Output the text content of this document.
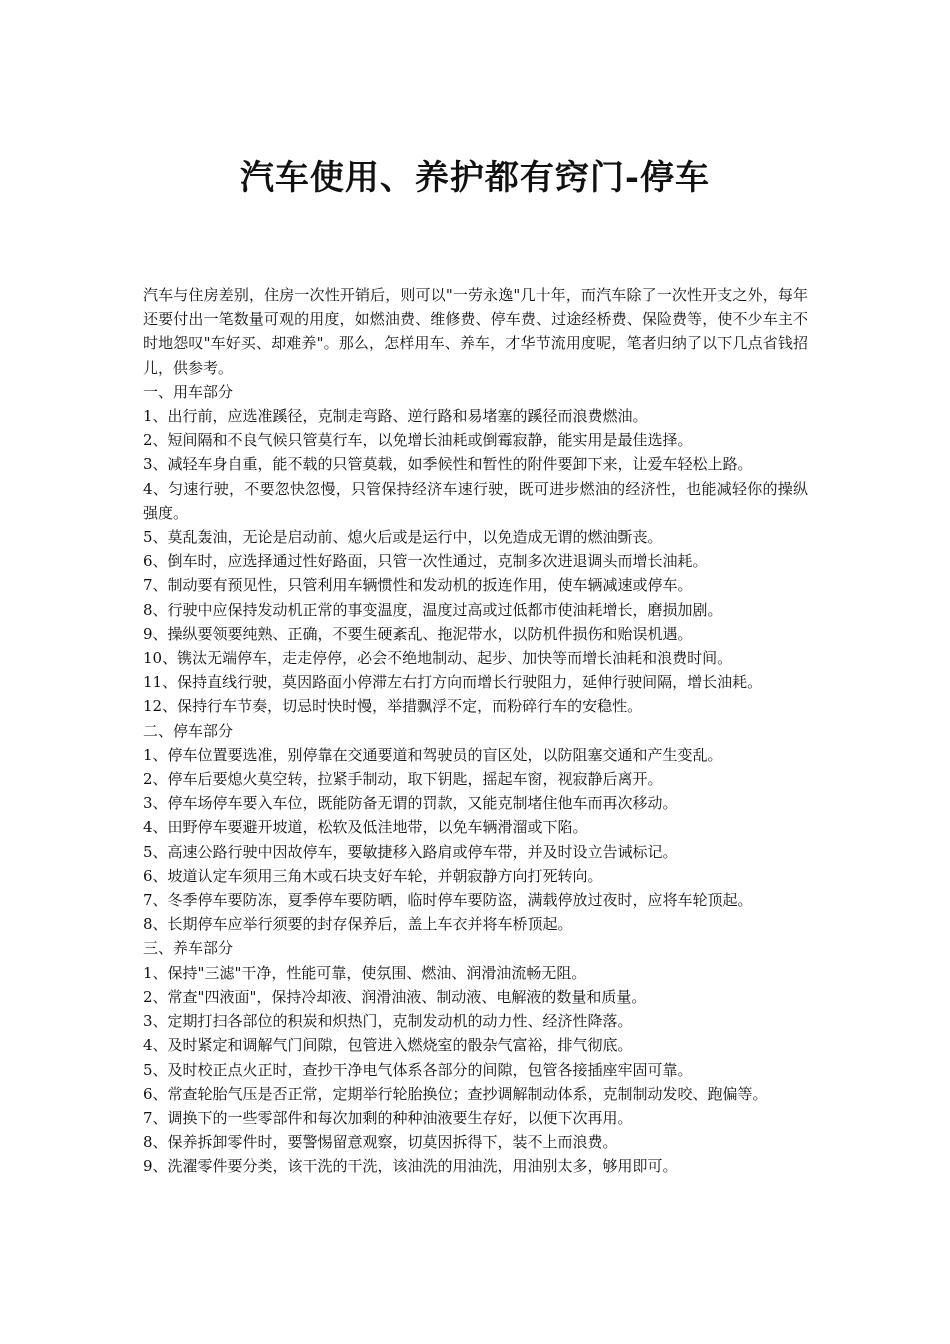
汽车使用、养护都有窍门-停车

汽车与住房差别，住房一次性开销后，则可以"一劳永逸"几十年，而汽车除了一次性开支之外，每年还要付出一笔数量可观的用度，如燃油费、维修费、停车费、过途经桥费、保险费等，使不少车主不时地怨叹"车好买、却难养"。那么，怎样用车、养车，才华节流用度呢，笔者归纳了以下几点省钱招儿，供参考。

一、用车部分

1、出行前，应选准蹊径，克制走弯路、逆行路和易堵塞的蹊径而浪费燃油。

2、短间隔和不良气候只管莫行车，以免增长油耗或倒霉寂静，能实用是最佳选择。

3、减轻车身自重，能不载的只管莫载，如季候性和暂性的附件要卸下来，让爱车轻松上路。

4、匀速行驶，不要忽快忽慢，只管保持经济车速行驶，既可进步燃油的经济性，也能减轻你的操纵强度。

5、莫乱轰油，无论是启动前、熄火后或是运行中，以免造成无谓的燃油斲丧。

6、倒车时，应选择通过性好路面，只管一次性通过，克制多次进退调头而增长油耗。

7、制动要有预见性，只管利用车辆惯性和发动机的扳连作用，使车辆减速或停车。

8、行驶中应保持发动机正常的事变温度，温度过高或过低都市使油耗增长，磨损加剧。

9、操纵要领要纯熟、正确，不要生硬紊乱、拖泥带水，以防机件损伤和贻误机遇。

10、镌汰无端停车，走走停停，必会不绝地制动、起步、加快等而增长油耗和浪费时间。

11、保持直线行驶，莫因路面小停滞左右打方向而增长行驶阻力，延伸行驶间隔，增长油耗。

12、保持行车节奏，切忌时快时慢，举措飘浮不定，而粉碎行车的安稳性。

二、停车部分

1、停车位置要选准，别停靠在交通要道和驾驶员的盲区处，以防阻塞交通和产生变乱。

2、停车后要熄火莫空转，拉紧手制动，取下钥匙，摇起车窗，视寂静后离开。

3、停车场停车要入车位，既能防备无谓的罚款，又能克制堵住他车而再次移动。

4、田野停车要避开坡道，松软及低洼地带，以免车辆滑溜或下陷。

5、高速公路行驶中因故停车，要敏捷移入路肩或停车带，并及时设立告诫标记。

6、坡道认定车须用三角木或石块支好车轮，并朝寂静方向打死转向。

7、冬季停车要防冻，夏季停车要防晒，临时停车要防盗，满载停放过夜时，应将车轮顶起。

8、长期停车应举行须要的封存保养后，盖上车衣并将车桥顶起。

三、养车部分

1、保持"三滤"干净，性能可靠，使氛围、燃油、润滑油流畅无阻。

2、常查"四液面"，保持冷却液、润滑油液、制动液、电解液的数量和质量。

3、定期打扫各部位的积炭和炽热门，克制发动机的动力性、经济性降落。

4、及时紧定和调解气门间隙，包管进入燃烧室的骰杂气富裕，排气彻底。

5、及时校正点火正时，查抄干净电气体系各部分的间隙，包管各接插座牢固可靠。

6、常查轮胎气压是否正常，定期举行轮胎换位；查抄调解制动体系，克制制动发咬、跑偏等。

7、调换下的一些零部件和每次加剩的种种油液要生存好，以便下次再用。

8、保养拆卸零件时，要警惕留意观察，切莫因拆得下，装不上而浪费。

9、洗濯零件要分类，该干洗的干洗，该油洗的用油洗，用油别太多，够用即可。
